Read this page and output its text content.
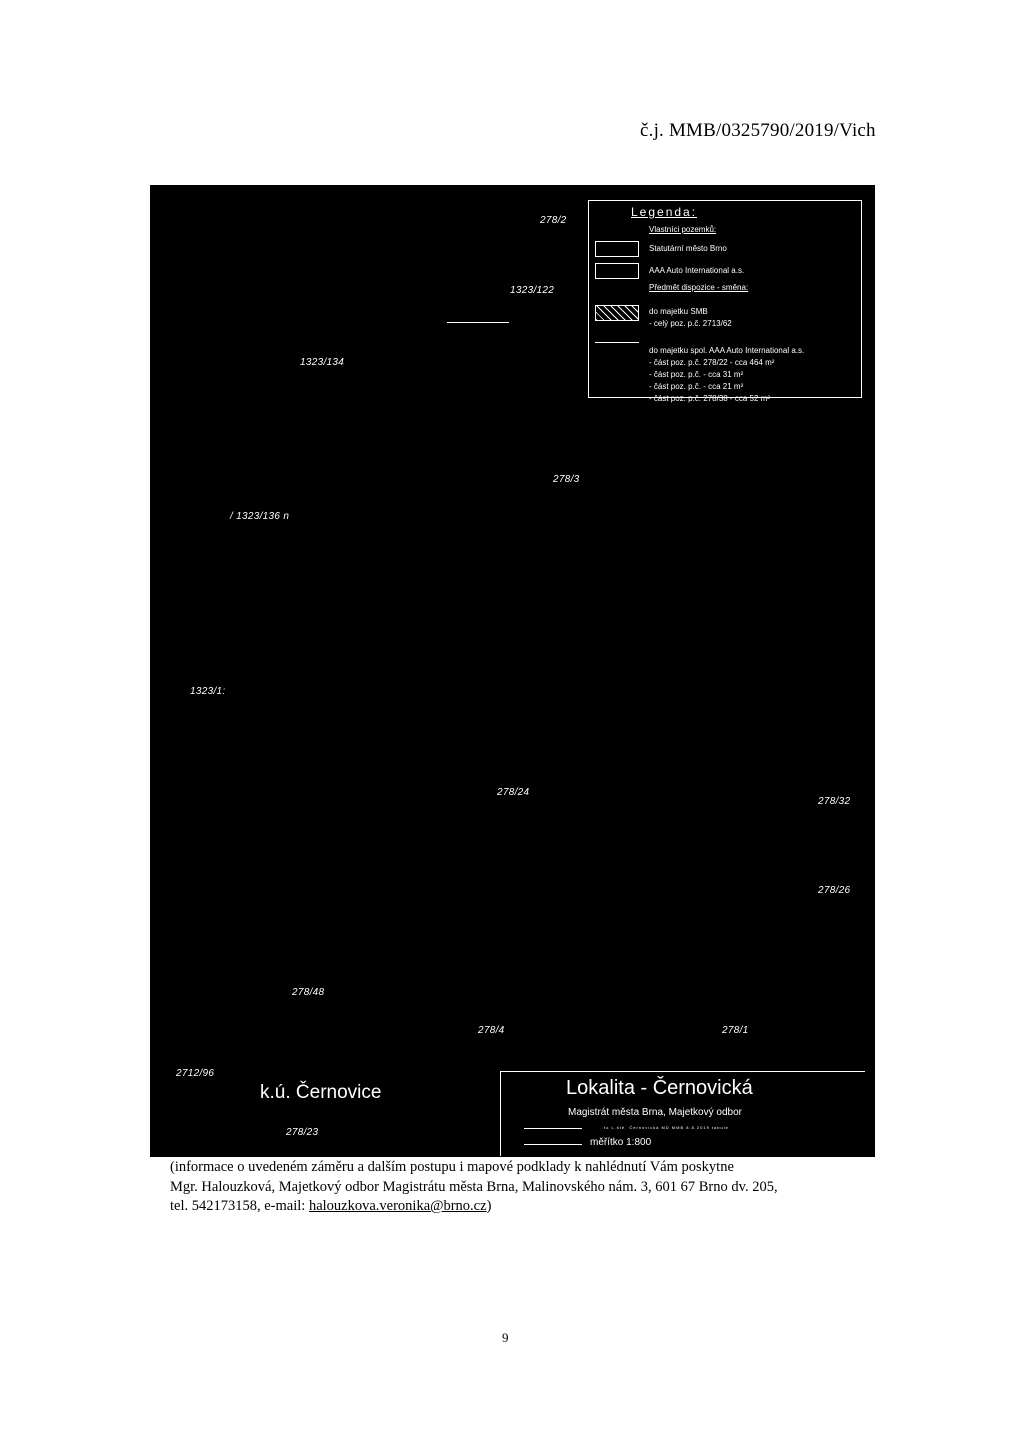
č.j. MMB/0325790/2019/Vich
278/2
1323/122
1323/134
278/3
/ 1323/136 n
1323/1:
278/24
278/32
278/26
278/48
278/4	278/1
2712/96
278/23
Legenda:
Vlastníci pozemků:
Statutární město Brno
AAA Auto International a.s.
Předmět dispozice - směna:
do majetku SMB
- celý poz. p.č. 2713/62
do majetku spol. AAA Auto International a.s.
- část poz. p.č. 278/22 - cca 464 m²
- část poz. p.č. - cca 31 m²
- část poz. p.č. - cca 21 m²
- část poz. p.č. 278/38 - cca 52 m²
k.ú. Černovice	Lokalita - Černovická
Magistrát města Brna, Majetkový odbor
to L.ště. Černovická MD MMB 8.8.2019 tabule
měřítko 1:800

(informace o uvedeném záměru a dalším postupu i mapové podklady k nahlédnutí Vám poskytne

Mgr. Halouzková, Majetkový odbor Magistrátu města Brna, Malinovského nám. 3, 601 67 Brno dv. 205,

tel. 542173158, e-mail: halouzkova.veronika@brno.cz)

9
